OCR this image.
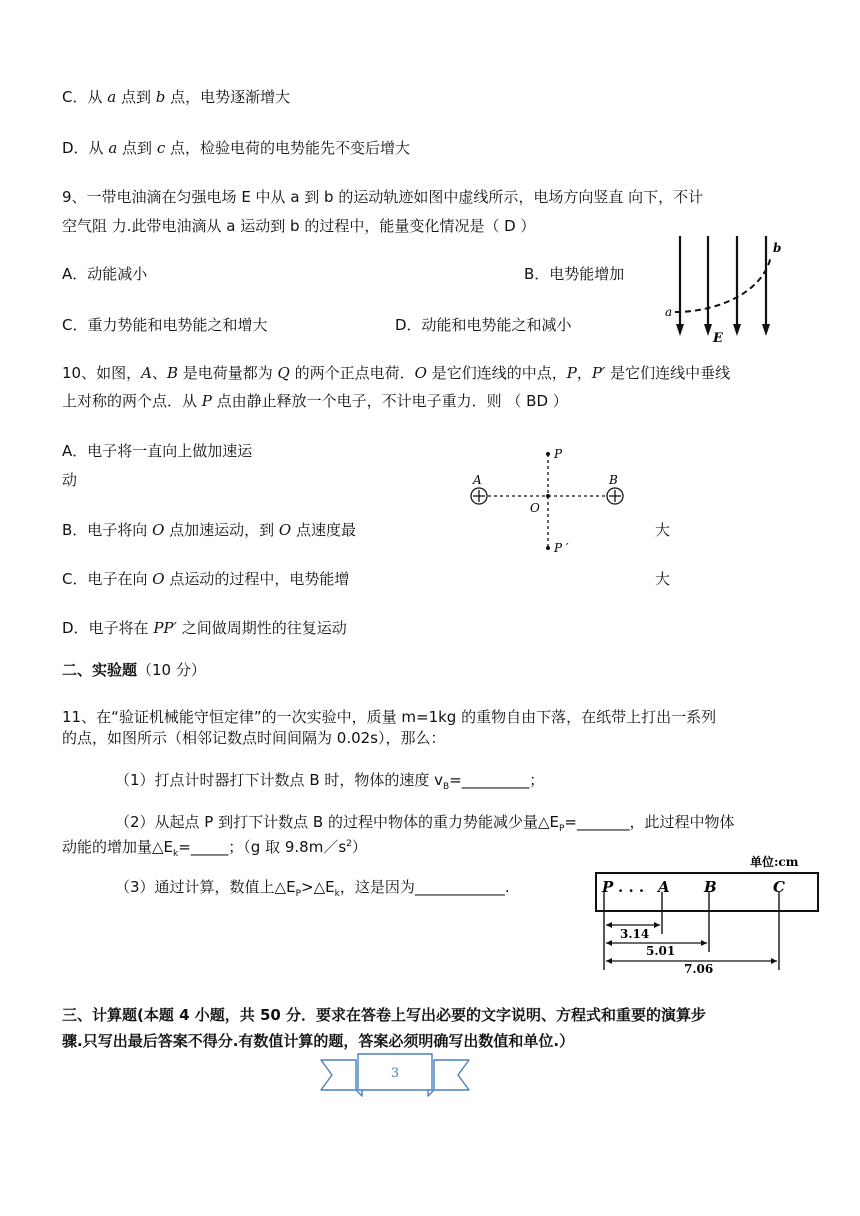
C．从 a 点到 b 点，电势逐渐增大
D．从 a 点到 c 点，检验电荷的电势能先不变后增大
9、一带电油滴在匀强电场 E 中从 a 到 b 的运动轨迹如图中虚线所示，电场方向竖直 向下，不计
空气阻 力.此带电油滴从 a 运动到 b 的过程中，能量变化情况是（ D ）
A．动能减小	B．电势能增加
C．重力势能和电势能之和增大	D．动能和电势能之和减小
a
b
E
10、如图，A、B 是电荷量都为 Q 的两个正点电荷．O 是它们连线的中点，P，P′ 是它们连线中垂线
上对称的两个点．从 P 点由静止释放一个电子，不计电子重力．则 （ BD ）
A．电子将一直向上做加速运
动
B．电子将向 O 点加速运动，到 O 点速度最	大
C．电子在向 O 点运动的过程中，电势能增	大
D．电子将在 PP′ 之间做周期性的往复运动
P
A	B
O
P ′
二、实验题（10 分）
11、在“验证机械能守恒定律”的一次实验中，质量 m=1kg 的重物自由下落，在纸带上打出一系列
的点，如图所示（相邻记数点时间间隔为 0.02s），那么：
（1）打点计时器打下计数点 B 时，物体的速度 $v_B=\_\_\_\_\_\_\_\_\_$；
（2）从起点 P 到打下计数点 B 的过程中物体的重力势能减少量$\triangle E_P=\_\_\_\_\_\_\_$，此过程中物体
动能的增加量$\triangle E_k=\_\_\_\_\_$；（g 取 $9.8m/s^2$）
（3）通过计算，数值上$\triangle E_P>\triangle E_k$，这是因为____________.
单位:cm
P . . . A B	C
3.14
5.01
7.06
三、计算题(本题 4 小题，共 50 分．要求在答卷上写出必要的文字说明、方程式和重要的演算步
骤.只写出最后答案不得分.有数值计算的题，答案必须明确写出数值和单位.）
3
